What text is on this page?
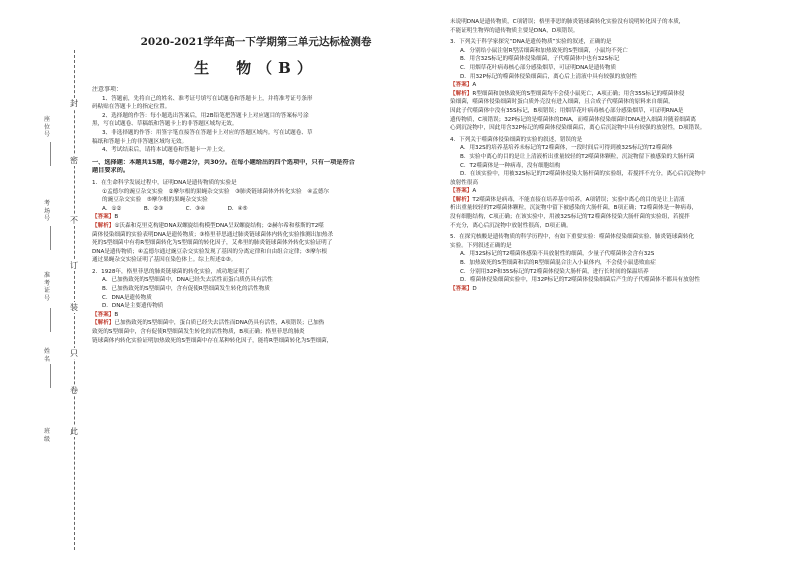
封
密
不
订
装
只
卷
此
座位号
考场号
准考证号
姓名
班级
2020-2021学年高一下学期第三单元达标检测卷
生　物（B）
注意事项：
1、答题前，先将自己的姓名、准考证号填写在试题卷和答题卡上，并将准考证号条形
码粘贴在答题卡上的指定位置。
2、选择题的作答：每小题选出答案后，用2B铅笔把答题卡上对应题目的答案标号涂
黑，写在试题卷、草稿纸和答题卡上的非答题区域均无效。
3、非选择题的作答：用签字笔直接答在答题卡上对应的答题区域内。写在试题卷、草
稿纸和答题卡上的非答题区域均无效。
4、考试结束后，请将本试题卷和答题卡一并上交。
一、选择题：本题共15题，每小题2分，共30分。在每小题给出的四个选项中，只有一项是符合
题目要求的。
1．在生命科学发展过程中，证明DNA是遗传物质的实验是
①孟德尔的豌豆杂交实验　②摩尔根的果蝇杂交实验　③肺炎链球菌体外转化实验　④孟德尔
的豌豆杂交实验　⑤摩尔根的果蝇杂交实验
A．①②　　　　B．②③　　　　C．③④　　　　D．④⑤
【答案】B
【解析】①沃森和克里克构建DNA双螺旋结构模型DNA呈双螺旋结构；②赫尔希和蔡斯的T2噬
菌体侵染细菌的实验表明DNA是遗传物质；③格里菲思通过肺炎链球菌体内转化实验推测出加热杀
死的S型细菌中有将R型细菌转化为S型细菌的转化因子，艾弗里的肺炎链球菌体外转化实验证明了
DNA是遗传物质；④孟德尔通过豌豆杂交实验发现了基因的分离定律和自由组合定律；⑤摩尔根
通过果蝇杂交实验证明了基因在染色体上。综上所述②③。
2．1928年，格里菲思的肺炎链球菌的转化实验，成功地证明了
A．已加热致死的S型细菌中，DNA已经失去活性而蛋白质仍具有活性
B．已加热致死的S型细菌中，含有促使R型细菌发生转化的活性物质
C．DNA是遗传物质
D．DNA是主要遗传物质
【答案】B
【解析】已加热致死的S型细菌中，蛋白质已经失去活性而DNA仍具有活性，A项错误；已加热
致死的S型细菌中，含有促使R型细菌发生转化的活性物质，B项正确；格里菲思的肺炎
链球菌体内转化实验证明加热致死的S型细菌中存在某种转化因子，能将R型细菌转化为S型细菌，
未说明DNA是遗传物质，C项错误；格里菲思的肺炎链球菌转化实验没有说明转化因子的本质，
不能证明生物界的遗传物质主要是DNA，D项错误。
3．下列关于科学家探究“DNA是遗传物质”实验的叙述，正确的是
A．分别给小鼠注射R型活细菌和加热致死的S型细菌，小鼠均不死亡
B．用含32S标记的噬菌体侵染细菌，子代噬菌体中也有32S标记
C．用烟草花叶病毒核心部分感染烟草，可证明DNA是遗传物质
D．用32P标记的噬菌体侵染细菌后，离心后上清液中具有较强的放射性
【答案】A
【解析】R型细菌和加热致死的S型细菌均不会使小鼠死亡，A项正确；用含35S标记的噬菌体侵
染细菌，噬菌体侵染细菌时蛋白质外壳没有进入细菌，且合成子代噬菌体的原料来自细菌，
因此子代噬菌体中没有35S标记，B项错误；用烟草花叶病毒核心部分感染烟草，可证明RNA是
遗传物质，C项错误；32P标记的是噬菌体的DNA，而噬菌体侵染细菌时DNA进入细菌并随着细菌离
心到沉淀物中，因此用含32P标记的噬菌体侵染细菌后，离心后沉淀物中具有较强的放射性，D项错误。
4．下列关于噬菌体侵染细菌的实验的叙述，错误的是
A．用32S的培养基培养未标记的T2噬菌体，一段时间后可得到被32S标记的T2噬菌体
B．实验中离心的目的是让上清液析出重量较轻的T2噬菌体颗粒，沉淀物留下被感染的大肠杆菌
C．T2噬菌体是一种病毒，没有细胞结构
D．在该实验中，用被32S标记的T2噬菌体侵染大肠杆菌的实验组，若搅拌不充分，离心后沉淀物中
放射性很高
【答案】A
【解析】T2噬菌体是病毒，不能直接在培养基中培养，A项错误；实验中离心的目的是让上清液
析出重量较轻的T2噬菌体颗粒，沉淀物中留下被感染的大肠杆菌，B项正确；T2噬菌体是一种病毒，
没有细胞结构，C项正确；在该实验中，用被32S标记的T2噬菌体侵染大肠杆菌的实验组，若搅拌
不充分，离心后沉淀物中放射性很高，D项正确。
5．在探究核酸是遗传物质的科学历程中，有如下重要实验：噬菌体侵染细菌实验、肺炎链球菌转化
实验。下列叙述正确的是
A．用32S标记的T2噬菌体感染不具放射性的细菌，少量子代噬菌体会含有32S
B．加热致死的S型细菌和活的R型细菌混合注入小鼠体内，不会使小鼠患败血症
C．分别用32P和35S标记的T2噬菌体侵染大肠杆菌，进行长时间的保温培养
D．噬菌体侵染细菌实验中，用32P标记的T2噬菌体侵染细菌后产生的子代噬菌体不都具有放射性
【答案】D
